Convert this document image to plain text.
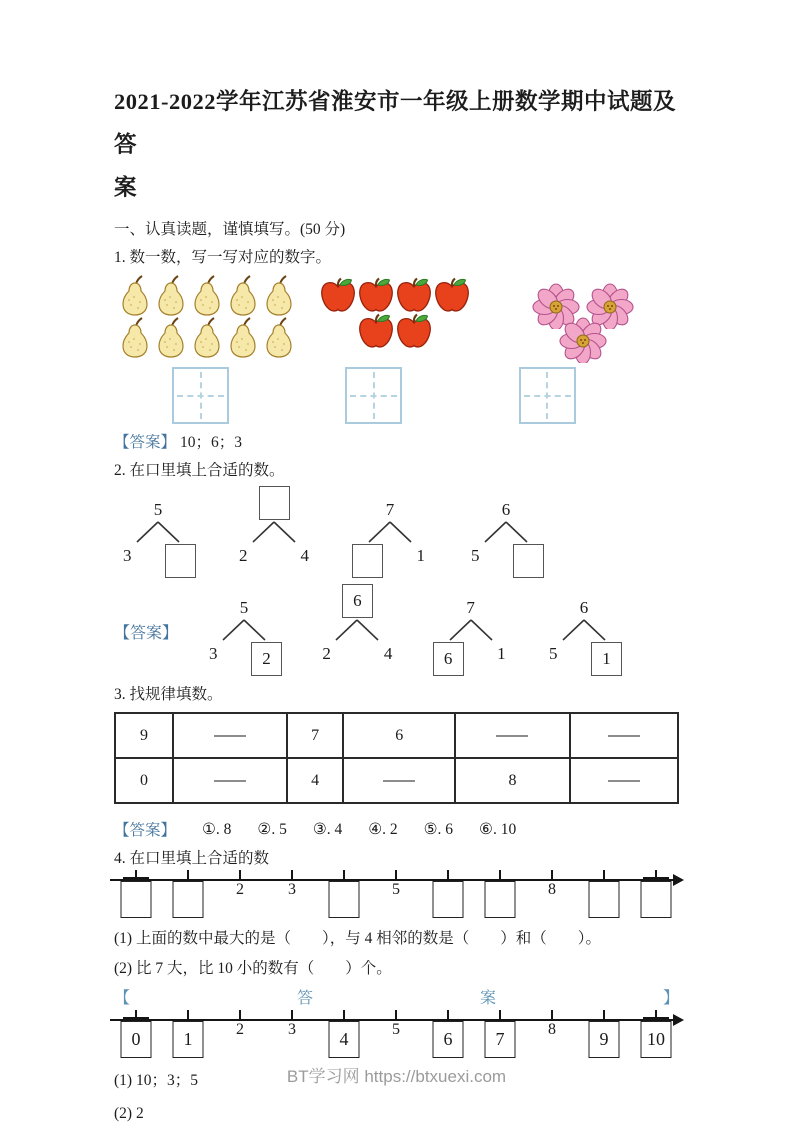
2021-2022学年江苏省淮安市一年级上册数学期中试题及答
案
一、认真读题，谨慎填写。(50 分)
1. 数一数，写一写对应的数字。
【答案】 10；6；3
2. 在口里填上合适的数。
5
3	2	4
7
1
6
5
【答案】
5
3	2
6
2	4
7
6	1
6
5	1
3. 找规律填数。
9		7	6		
0		4		8	
【答案】 ①. 8 ②. 5 ③. 4 ④. 2 ⑤. 6 ⑥. 10
4. 在口里填上合适的数
2	3	5	8
(1) 上面的数中最大的是（　　），与 4 相邻的数是（　　）和（　　）。
(2) 比 7 大，比 10 小的数有（　　）个。
【	答	案	】
0	1	2	3	4	5	6	7	8	9	10
(1) 10；3；5
(2) 2
BT学习网 https://btxuexi.com
